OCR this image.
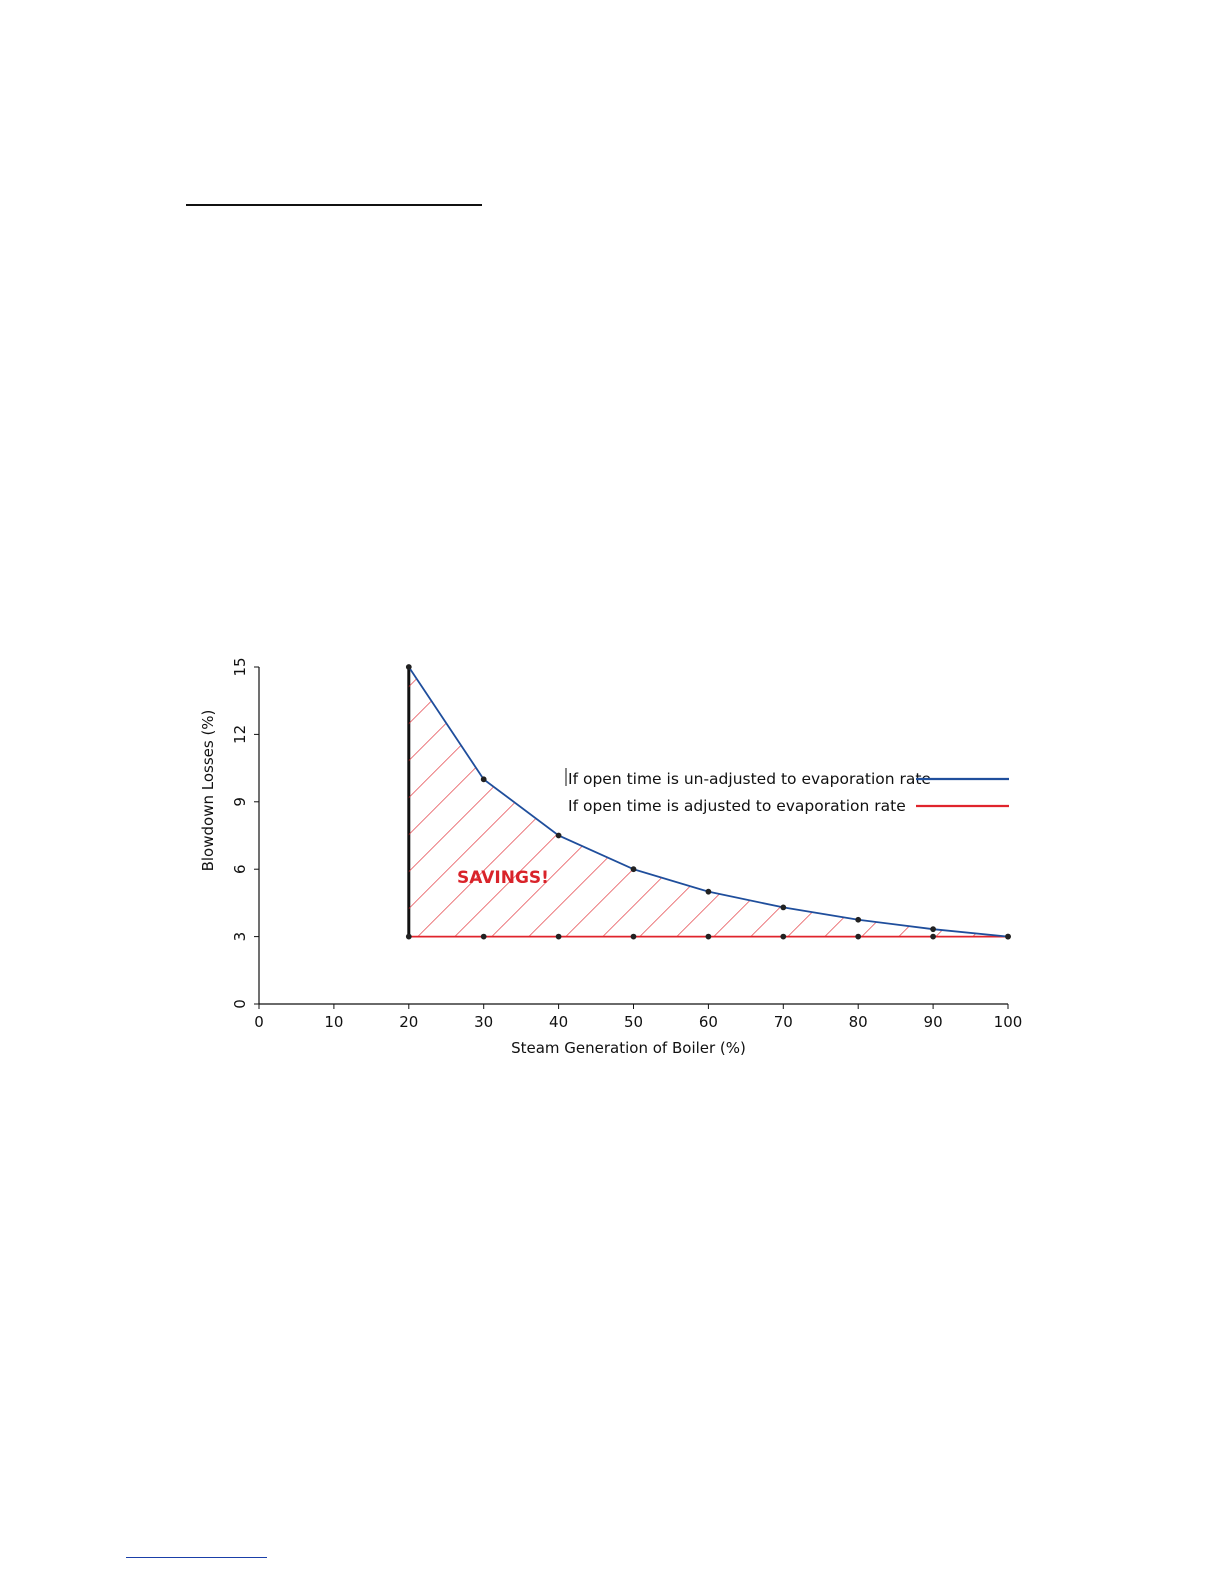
0	10	20	30	40	50	60	70	80	90	100
0
3
6
9
12
15
If open time is un-adjusted to evaporation rate
If open time is adjusted to evaporation rate
Steam Generation of Boiler (%)
Blowdown Losses (%)
SAVINGS!
